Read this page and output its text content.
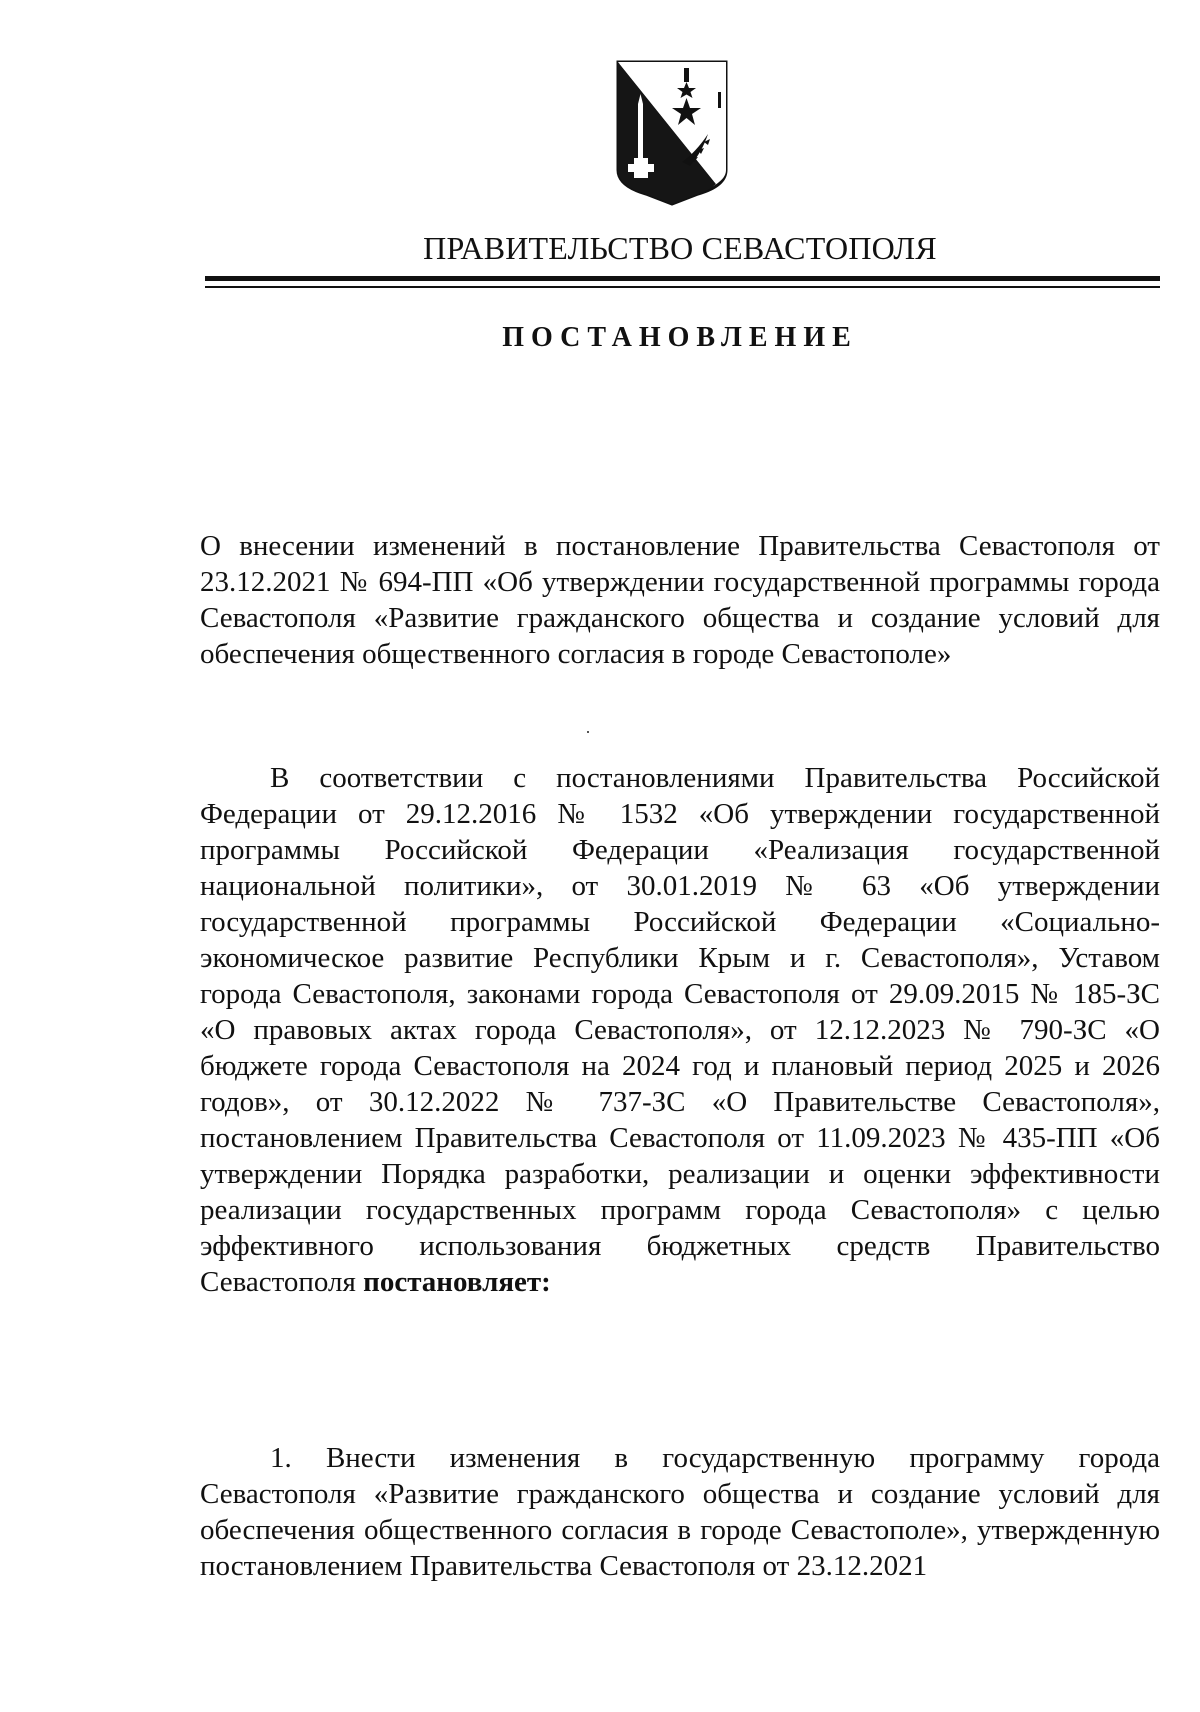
ПРАВИТЕЛЬСТВО СЕВАСТОПОЛЯ
ПОСТАНОВЛЕНИЕ

О внесении изменений в постановление Правительства Севастополя от 23.12.2021 № 694-ПП «Об утверждении государственной программы города Севастополя «Развитие гражданского общества и создание условий для обеспечения общественного согласия в городе Севастополе»

В соответствии с постановлениями Правительства Российской Федерации от 29.12.2016 № 1532 «Об утверждении государственной программы Российской Федерации «Реализация государственной национальной политики», от 30.01.2019 № 63 «Об утверждении государственной программы Российской Федерации «Социально-экономическое развитие Республики Крым и г. Севастополя», Уставом города Севастополя, законами города Севастополя от 29.09.2015 № 185-ЗС «О правовых актах города Севастополя», от 12.12.2023 № 790-ЗС «О бюджете города Севастополя на 2024 год и плановый период 2025 и 2026 годов», от 30.12.2022 № 737-ЗС «О Правительстве Севастополя», постановлением Правительства Севастополя от 11.09.2023 № 435-ПП «Об утверждении Порядка разработки, реализации и оценки эффективности реализации государственных программ города Севастополя» с целью эффективного использования бюджетных средств Правительство Севастополя постановляет:

1. Внести изменения в государственную программу города Севастополя «Развитие гражданского общества и создание условий для обеспечения общественного согласия в городе Севастополе», утвержденную постановлением Правительства Севастополя от 23.12.2021
